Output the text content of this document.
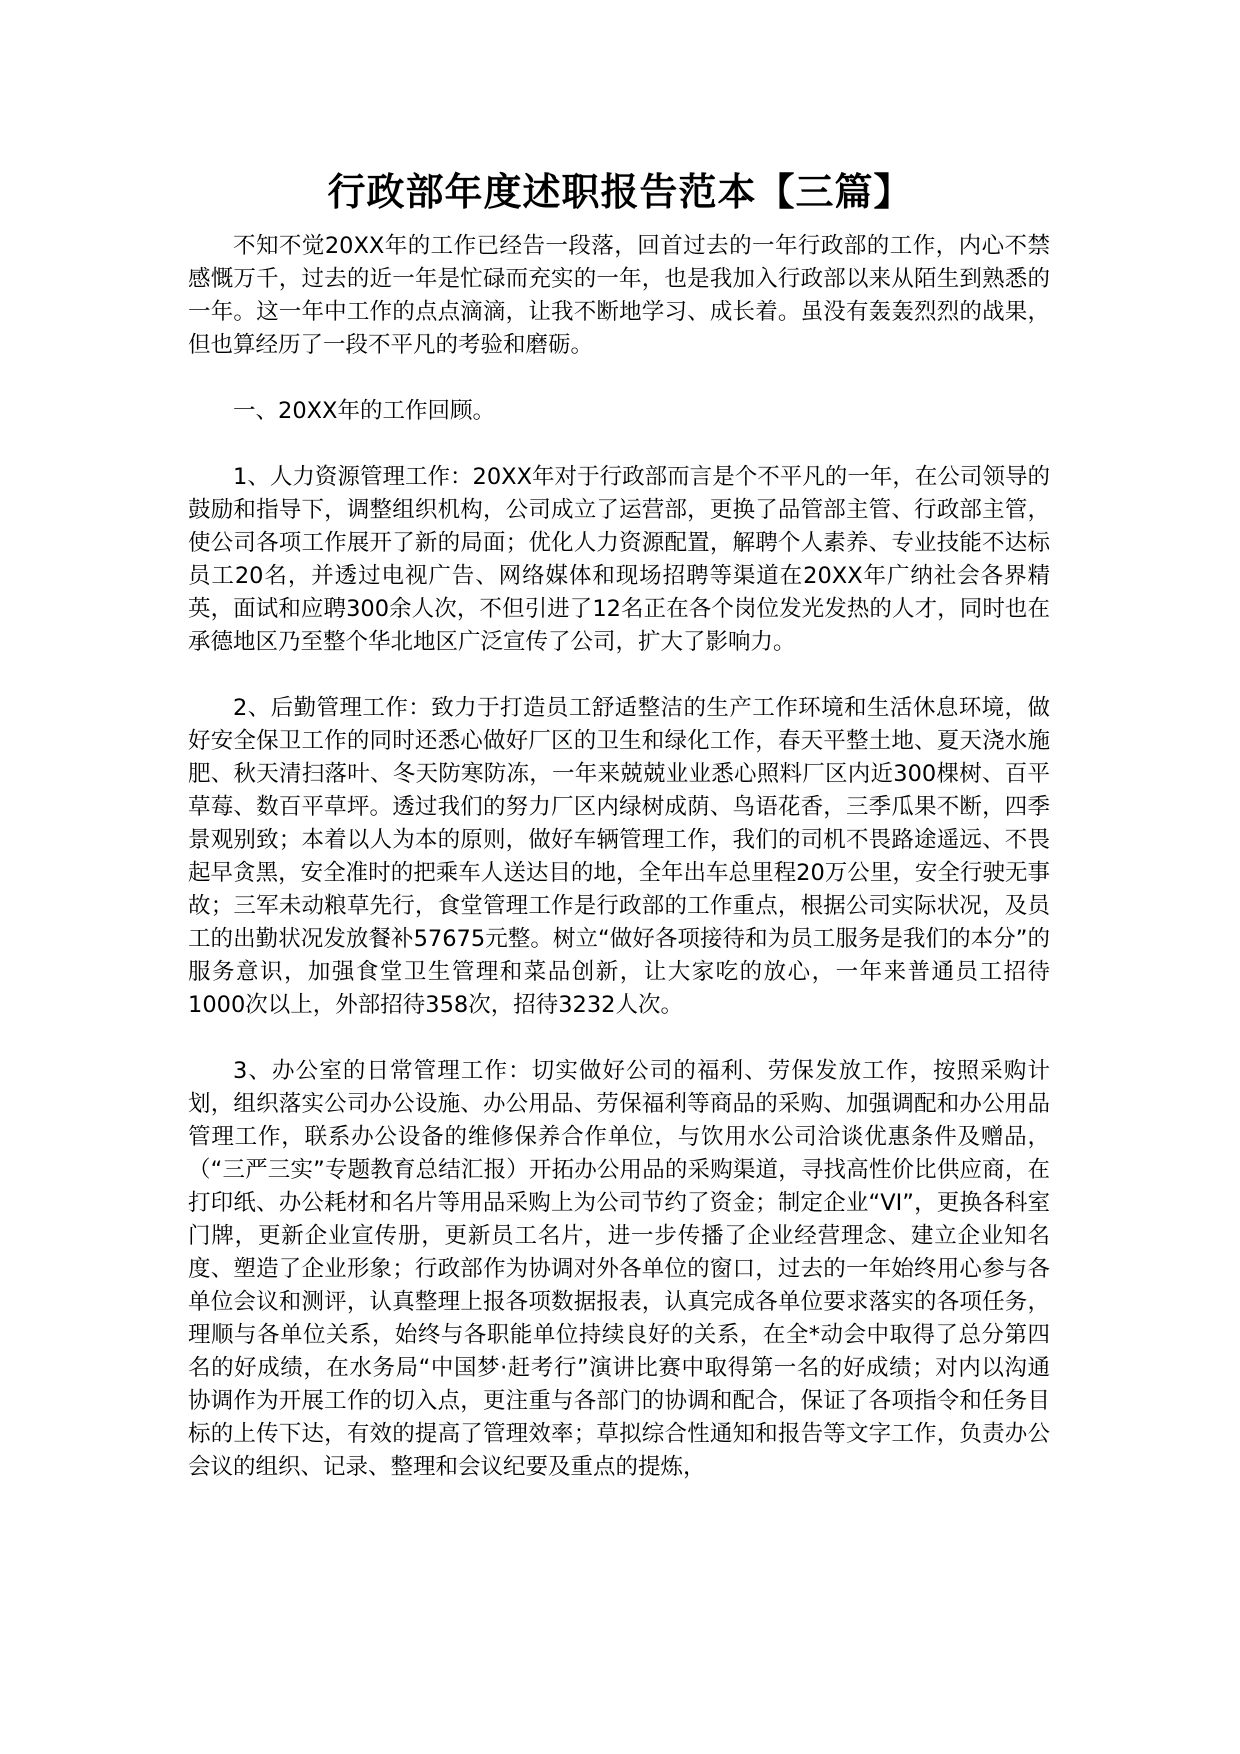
行政部年度述职报告范本【三篇】

不知不觉20XX年的工作已经告一段落，回首过去的一年行政部的工作，内心不禁感慨万千，过去的近一年是忙碌而充实的一年，也是我加入行政部以来从陌生到熟悉的一年。这一年中工作的点点滴滴，让我不断地学习、成长着。虽没有轰轰烈烈的战果，但也算经历了一段不平凡的考验和磨砺。

一、20XX年的工作回顾。

1、人力资源管理工作：20XX年对于行政部而言是个不平凡的一年，在公司领导的鼓励和指导下，调整组织机构，公司成立了运营部，更换了品管部主管、行政部主管，使公司各项工作展开了新的局面；优化人力资源配置，解聘个人素养、专业技能不达标员工20名，并透过电视广告、网络媒体和现场招聘等渠道在20XX年广纳社会各界精英，面试和应聘300余人次，不但引进了12名正在各个岗位发光发热的人才，同时也在承德地区乃至整个华北地区广泛宣传了公司，扩大了影响力。

2、后勤管理工作：致力于打造员工舒适整洁的生产工作环境和生活休息环境，做好安全保卫工作的同时还悉心做好厂区的卫生和绿化工作，春天平整土地、夏天浇水施肥、秋天清扫落叶、冬天防寒防冻，一年来兢兢业业悉心照料厂区内近300棵树、百平草莓、数百平草坪。透过我们的努力厂区内绿树成荫、鸟语花香，三季瓜果不断，四季景观别致；本着以人为本的原则，做好车辆管理工作，我们的司机不畏路途遥远、不畏起早贪黑，安全准时的把乘车人送达目的地，全年出车总里程20万公里，安全行驶无事故；三军未动粮草先行，食堂管理工作是行政部的工作重点，根据公司实际状况，及员工的出勤状况发放餐补57675元整。树立“做好各项接待和为员工服务是我们的本分”的服务意识，加强食堂卫生管理和菜品创新，让大家吃的放心，一年来普通员工招待1000次以上，外部招待358次，招待3232人次。

3、办公室的日常管理工作：切实做好公司的福利、劳保发放工作，按照采购计划，组织落实公司办公设施、办公用品、劳保福利等商品的采购、加强调配和办公用品管理工作，联系办公设备的维修保养合作单位，与饮用水公司洽谈优惠条件及赠品，（“三严三实”专题教育总结汇报）开拓办公用品的采购渠道，寻找高性价比供应商，在打印纸、办公耗材和名片等用品采购上为公司节约了资金；制定企业“VI”，更换各科室门牌，更新企业宣传册，更新员工名片，进一步传播了企业经营理念、建立企业知名度、塑造了企业形象；行政部作为协调对外各单位的窗口，过去的一年始终用心参与各单位会议和测评，认真整理上报各项数据报表，认真完成各单位要求落实的各项任务，理顺与各单位关系，始终与各职能单位持续良好的关系，在全*动会中取得了总分第四名的好成绩，在水务局“中国梦·赶考行”演讲比赛中取得第一名的好成绩；对内以沟通协调作为开展工作的切入点，更注重与各部门的协调和配合，保证了各项指令和任务目标的上传下达，有效的提高了管理效率；草拟综合性通知和报告等文字工作，负责办公会议的组织、记录、整理和会议纪要及重点的提炼，
